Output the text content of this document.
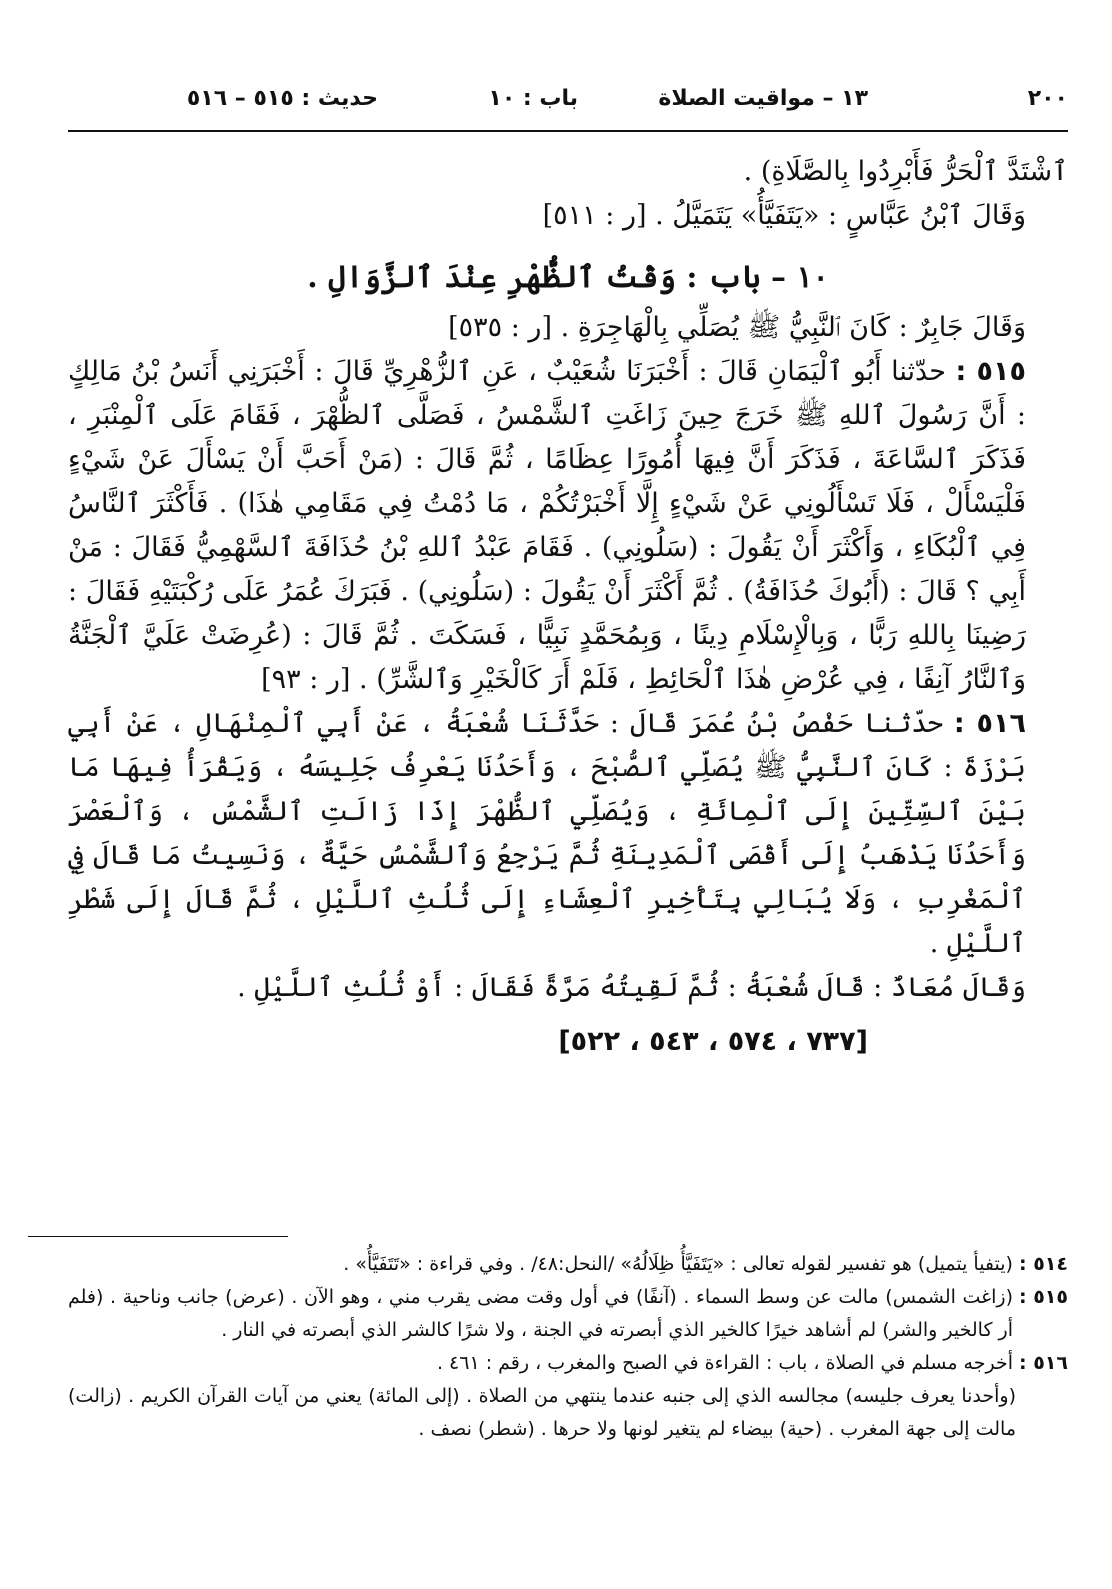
٢٠٠
١٣ – مواقيت الصلاة
باب : ١٠
حديث : ٥١٥ – ٥١٦

ٱشْتَدَّ ٱلْحَرُّ فَأَبْرِدُوا بِالصَّلَاةِ) .

وَقَالَ ٱبْنُ عَبَّاسٍ : «يَتَفَيَّأُ» يَتَمَيَّلُ . [ر : ٥١١]

١٠ – باب : وَقْتُ ٱلظُّهْرِ عِنْدَ ٱلزَّوَالِ .

وَقَالَ جَابِرٌ : كَانَ ٱلنَّبِيُّ ﷺ يُصَلِّي بِالْهَاجِرَةِ . [ر : ٥٣٥]

٥١٥ : حدّثنا أَبُو ٱلْيَمَانِ قَالَ : أَخْبَرَنَا شُعَيْبٌ ، عَنِ ٱلزُّهْرِيِّ قَالَ : أَخْبَرَنِي أَنَسُ بْنُ مَالِكٍ : أَنَّ رَسُولَ ٱللهِ ﷺ خَرَجَ حِينَ زَاغَتِ ٱلشَّمْسُ ، فَصَلَّى ٱلظُّهْرَ ، فَقَامَ عَلَى ٱلْمِنْبَرِ ، فَذَكَرَ ٱلسَّاعَةَ ، فَذَكَرَ أَنَّ فِيهَا أُمُورًا عِظَامًا ، ثُمَّ قَالَ : (مَنْ أَحَبَّ أَنْ يَسْأَلَ عَنْ شَيْءٍ فَلْيَسْأَلْ ، فَلَا تَسْأَلُونِي عَنْ شَيْءٍ إِلَّا أَخْبَرْتُكُمْ ، مَا دُمْتُ فِي مَقَامِي هٰذَا) . فَأَكْثَرَ ٱلنَّاسُ فِي ٱلْبُكَاءِ ، وَأَكْثَرَ أَنْ يَقُولَ : (سَلُونِي) . فَقَامَ عَبْدُ ٱللهِ بْنُ حُذَافَةَ ٱلسَّهْمِيُّ فَقَالَ : مَنْ أَبِي ؟ قَالَ : (أَبُوكَ حُذَافَةُ) . ثُمَّ أَكْثَرَ أَنْ يَقُولَ : (سَلُونِي) . فَبَرَكَ عُمَرُ عَلَى رُكْبَتَيْهِ فَقَالَ : رَضِينَا بِاللهِ رَبًّا ، وَبِالْإِسْلَامِ دِينًا ، وَبِمُحَمَّدٍ نَبِيًّا ، فَسَكَتَ . ثُمَّ قَالَ : (عُرِضَتْ عَلَيَّ ٱلْجَنَّةُ وَٱلنَّارُ آنِفًا ، فِي عُرْضِ هٰذَا ٱلْحَائِطِ ، فَلَمْ أَرَ كَالْخَيْرِ وَٱلشَّرِّ) . [ر : ٩٣]

٥١٦ : حدّثنا حَفْصُ بْنُ عُمَرَ قَالَ : حَدَّثَنَا شُعْبَةُ ، عَنْ أَبِي ٱلْمِنْهَالِ ، عَنْ أَبِي بَرْزَةَ : كَانَ ٱلنَّبِيُّ ﷺ يُصَلِّي ٱلصُّبْحَ ، وَأَحَدُنَا يَعْرِفُ جَلِيسَهُ ، وَيَقْرَأُ فِيهَا مَا بَيْنَ ٱلسِّتِّينَ إِلَى ٱلْمِائَةِ ، وَيُصَلِّي ٱلظُّهْرَ إِذَا زَالَتِ ٱلشَّمْسُ ، وَٱلْعَصْرَ وَأَحَدُنَا يَذْهَبُ إِلَى أَقْصَى ٱلْمَدِينَةِ ثُمَّ يَرْجِعُ وَٱلشَّمْسُ حَيَّةٌ ، وَنَسِيتُ مَا قَالَ فِي ٱلْمَغْرِبِ ، وَلَا يُبَالِي بِتَأْخِيرِ ٱلْعِشَاءِ إِلَى ثُلُثِ ٱللَّيْلِ ، ثُمَّ قَالَ إِلَى شَطْرِ ٱللَّيْلِ .

وَقَالَ مُعَاذٌ : قَالَ شُعْبَةُ : ثُمَّ لَقِيتُهُ مَرَّةً فَقَالَ : أَوْ ثُلُثِ ٱللَّيْلِ .

[٧٣٧ ، ٥٧٤ ، ٥٤٣ ، ٥٢٢]

٥١٤ :
(يتفيأ يتميل) هو تفسير لقوله تعالى : «يَتَفَيَّأُ ظِلَالُهُ» /النحل:٤٨/ . وفي قراءة : «تَتَفَيَّأُ» .
٥١٥ :
(زاغت الشمس) مالت عن وسط السماء . (آنفًا) في أول وقت مضى يقرب مني ، وهو الآن . (عرض) جانب وناحية . (فلم أر كالخير والشر) لم أشاهد خيرًا كالخير الذي أبصرته في الجنة ، ولا شرًا كالشر الذي أبصرته في النار .
٥١٦ :
أخرجه مسلم في الصلاة ، باب : القراءة في الصبح والمغرب ، رقم : ٤٦١ .

(وأحدنا يعرف جليسه) مجالسه الذي إلى جنبه عندما ينتهي من الصلاة . (إلى المائة) يعني من آيات القرآن الكريم . (زالت) مالت إلى جهة المغرب . (حية) بيضاء لم يتغير لونها ولا حرها . (شطر) نصف .
